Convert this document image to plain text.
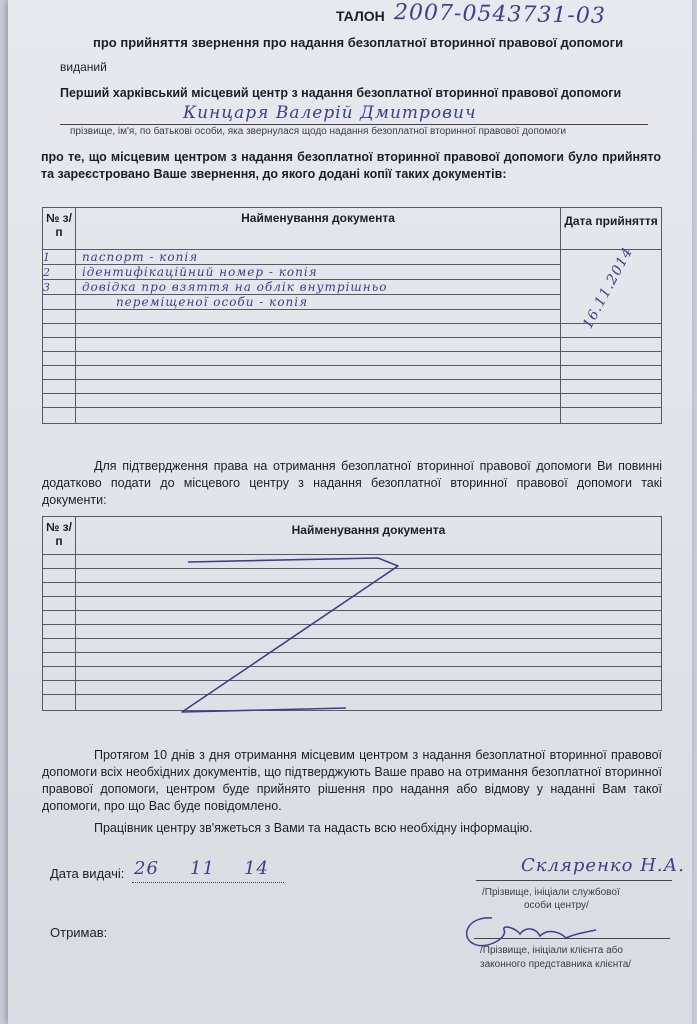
ТАЛОН 2007-0543731-03
про прийняття звернення про надання безоплатної вторинної правової допомоги
виданий
Перший харківський місцевий центр з надання безоплатної вторинної правової допомоги
Кинцаря Валерій Дмитрович
прізвище, ім'я, по батькові особи, яка звернулася щодо надання безоплатної вторинної правової допомоги
про те, що місцевим центром з надання безоплатної вторинної правової допомоги було прийнято та зареєстровано Ваше звернення, до якого додані копії таких документів:
№ з/п	Найменування документа	Дата прийняття
1	паспорт - копія	16.11.2014

2	ідентифікаційний номер - копія	
3	довідка про взяття на облік внутрішньо	
	переміщеної особи - копія	

Для підтвердження права на отримання безоплатної вторинної правової допомоги Ви повинні додатково подати до місцевого центру з надання безоплатної вторинної правової допомоги такі документи:
№ з/п	Найменування документа

Протягом 10 днів з дня отримання місцевим центром з надання безоплатної вторинної правової допомоги всіх необхідних документів, що підтверджують Ваше право на отримання безоплатної вторинної правової допомоги, центром буде прийнято рішення про надання або відмову у наданні Вам такої допомоги, про що Вас буде повідомлено.
Працівник центру зв'яжеться з Вами та надасть всю необхідну інформацію.
Дата видачі: 26 11 14	Скляренко Н.А.
/Прізвище, ініціали службової
особи центру/
Отримав:
/Прізвище, ініціали клієнта або
законного представника клієнта/
